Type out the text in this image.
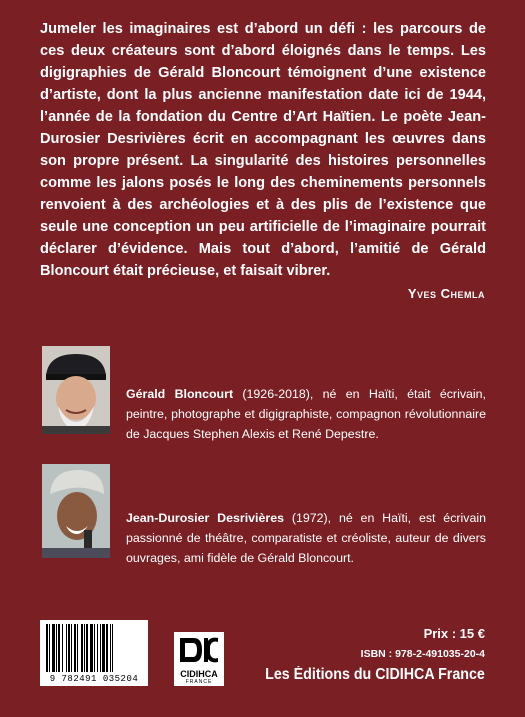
Jumeler les imaginaires est d’abord un défi : les parcours de ces deux créateurs sont d’abord éloignés dans le temps. Les digigraphies de Gérald Bloncourt témoignent d’une existence d’artiste, dont la plus ancienne manifestation date ici de 1944, l’année de la fondation du Centre d’Art Haïtien. Le poète Jean-Durosier Desrivières écrit en accompagnant les œuvres dans son propre présent. La singularité des histoires personnelles comme les jalons posés le long des cheminements personnels renvoient à des archéologies et à des plis de l’existence que seule une conception un peu artificielle de l’imaginaire pourrait déclarer d’évidence. Mais tout d’abord, l’amitié de Gérald Bloncourt était précieuse, et faisait vibrer.
Yves Chemla
Gérald Bloncourt (1926-2018), né en Haïti, était écrivain, peintre, photographe et digigraphiste, compagnon révolutionnaire de Jacques Stephen Alexis et René Depestre.
Jean-Durosier Desrivières (1972), né en Haïti, est écrivain passionné de théâtre, comparatiste et créoliste, auteur de divers ouvrages, ami fidèle de Gérald Bloncourt.
9 782491 035204	CIDIHCA
FRANCE
Prix : 15 €
ISBN : 978-2-491035-20-4
Les Éditions du CIDIHCA France
